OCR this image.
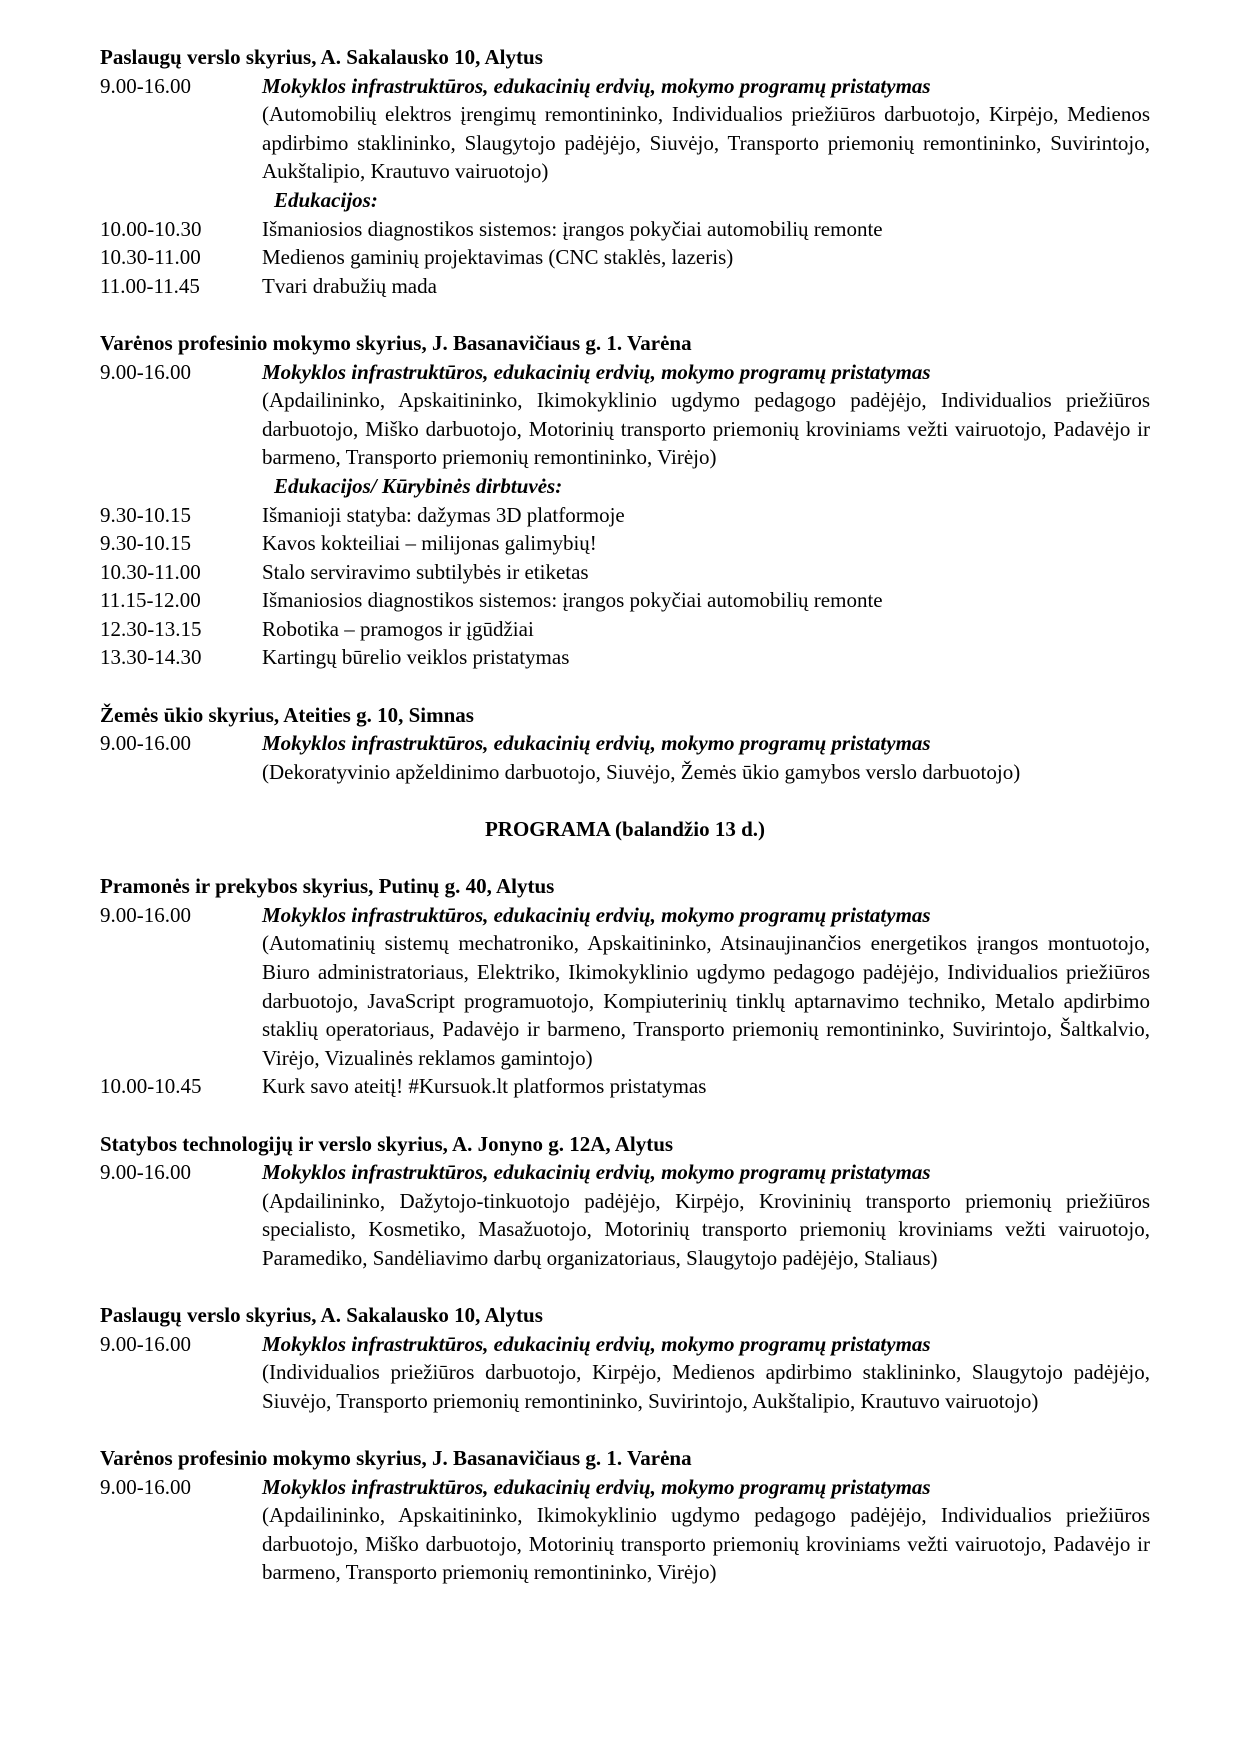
Paslaugų verslo skyrius, A. Sakalausko 10, Alytus
9.00-16.00	Mokyklos infrastruktūros, edukacinių erdvių, mokymo programų pristatymas
(Automobilių elektros įrengimų remontininko, Individualios priežiūros darbuotojo, Kirpėjo, Medienos apdirbimo staklininko, Slaugytojo padėjėjo, Siuvėjo, Transporto priemonių remontininko, Suvirintojo, Aukštalipio, Krautuvo vairuotojo)
Edukacijos:
10.00-10.30	Išmaniosios diagnostikos sistemos: įrangos pokyčiai automobilių remonte
10.30-11.00	Medienos gaminių projektavimas (CNC staklės, lazeris)
11.00-11.45	Tvari drabužių mada
Varėnos profesinio mokymo skyrius, J. Basanavičiaus g. 1. Varėna
9.00-16.00	Mokyklos infrastruktūros, edukacinių erdvių, mokymo programų pristatymas
(Apdailininko, Apskaitininko, Ikimokyklinio ugdymo pedagogo padėjėjo, Individualios priežiūros darbuotojo, Miško darbuotojo, Motorinių transporto priemonių kroviniams vežti vairuotojo, Padavėjo ir barmeno, Transporto priemonių remontininko, Virėjo)
Edukacijos/ Kūrybinės dirbtuvės:
9.30-10.15	Išmanioji statyba: dažymas 3D platformoje
9.30-10.15	Kavos kokteiliai – milijonas galimybių!
10.30-11.00	Stalo serviravimo subtilybės ir etiketas
11.15-12.00	Išmaniosios diagnostikos sistemos: įrangos pokyčiai automobilių remonte
12.30-13.15	Robotika – pramogos ir įgūdžiai
13.30-14.30	Kartingų būrelio veiklos pristatymas
Žemės ūkio skyrius, Ateities g. 10, Simnas
9.00-16.00	Mokyklos infrastruktūros, edukacinių erdvių, mokymo programų pristatymas
(Dekoratyvinio apželdinimo darbuotojo, Siuvėjo, Žemės ūkio gamybos verslo darbuotojo)
PROGRAMA (balandžio 13 d.)
Pramonės ir prekybos skyrius, Putinų g. 40, Alytus
9.00-16.00	Mokyklos infrastruktūros, edukacinių erdvių, mokymo programų pristatymas
(Automatinių sistemų mechatroniko, Apskaitininko, Atsinaujinančios energetikos įrangos montuotojo, Biuro administratoriaus, Elektriko, Ikimokyklinio ugdymo pedagogo padėjėjo, Individualios priežiūros darbuotojo, JavaScript programuotojo, Kompiuterinių tinklų aptarnavimo techniko, Metalo apdirbimo staklių operatoriaus, Padavėjo ir barmeno, Transporto priemonių remontininko, Suvirintojo, Šaltkalvio, Virėjo, Vizualinės reklamos gamintojo)
10.00-10.45	Kurk savo ateitį! #Kursuok.lt platformos pristatymas
Statybos technologijų ir verslo skyrius, A. Jonyno g. 12A, Alytus
9.00-16.00	Mokyklos infrastruktūros, edukacinių erdvių, mokymo programų pristatymas
(Apdailininko, Dažytojo-tinkuotojo padėjėjo, Kirpėjo, Krovininių transporto priemonių priežiūros specialisto, Kosmetiko, Masažuotojo, Motorinių transporto priemonių kroviniams vežti vairuotojo, Paramediko, Sandėliavimo darbų organizatoriaus, Slaugytojo padėjėjo, Staliaus)
Paslaugų verslo skyrius, A. Sakalausko 10, Alytus
9.00-16.00	Mokyklos infrastruktūros, edukacinių erdvių, mokymo programų pristatymas
(Individualios priežiūros darbuotojo, Kirpėjo, Medienos apdirbimo staklininko, Slaugytojo padėjėjo, Siuvėjo, Transporto priemonių remontininko, Suvirintojo, Aukštalipio, Krautuvo vairuotojo)
Varėnos profesinio mokymo skyrius, J. Basanavičiaus g. 1. Varėna
9.00-16.00	Mokyklos infrastruktūros, edukacinių erdvių, mokymo programų pristatymas
(Apdailininko, Apskaitininko, Ikimokyklinio ugdymo pedagogo padėjėjo, Individualios priežiūros darbuotojo, Miško darbuotojo, Motorinių transporto priemonių kroviniams vežti vairuotojo, Padavėjo ir barmeno, Transporto priemonių remontininko, Virėjo)
